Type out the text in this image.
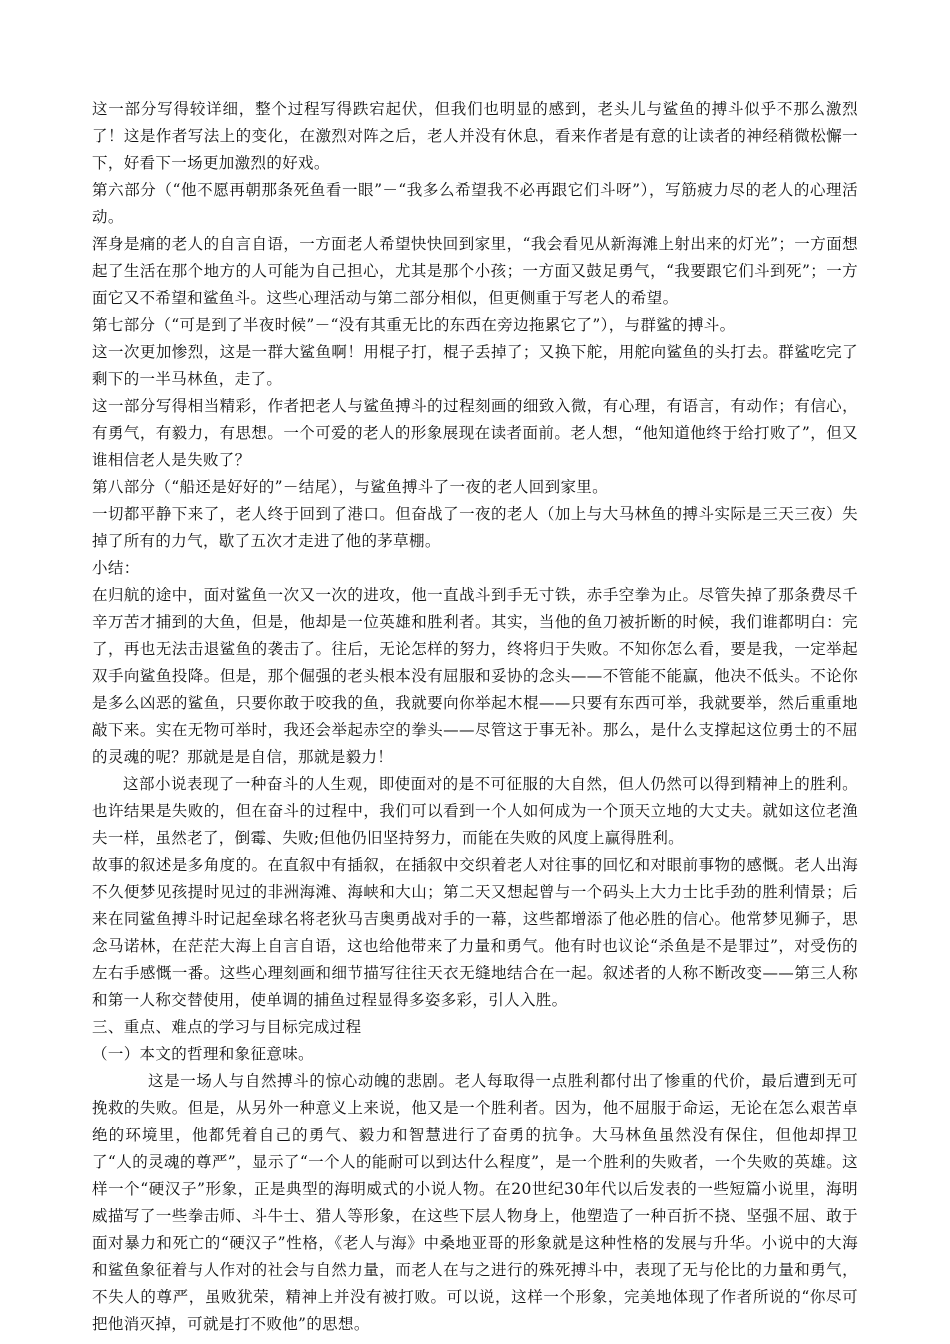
这一部分写得较详细，整个过程写得跌宕起伏，但我们也明显的感到，老头儿与鲨鱼的搏斗似乎不那么激烈了！这是作者写法上的变化，在激烈对阵之后，老人并没有休息，看来作者是有意的让读者的神经稍微松懈一下，好看下一场更加激烈的好戏。

第六部分（“他不愿再朝那条死鱼看一眼”－“我多么希望我不必再跟它们斗呀”），写筋疲力尽的老人的心理活动。

浑身是痛的老人的自言自语，一方面老人希望快快回到家里，“我会看见从新海滩上射出来的灯光”；一方面想起了生活在那个地方的人可能为自己担心，尤其是那个小孩；一方面又鼓足勇气，“我要跟它们斗到死”；一方面它又不希望和鲨鱼斗。这些心理活动与第二部分相似，但更侧重于写老人的希望。

第七部分（“可是到了半夜时候”－“没有其重无比的东西在旁边拖累它了”），与群鲨的搏斗。

这一次更加惨烈，这是一群大鲨鱼啊！用棍子打，棍子丢掉了；又换下舵，用舵向鲨鱼的头打去。群鲨吃完了剩下的一半马林鱼，走了。

这一部分写得相当精彩，作者把老人与鲨鱼搏斗的过程刻画的细致入微，有心理，有语言，有动作；有信心，有勇气，有毅力，有思想。一个可爱的老人的形象展现在读者面前。老人想，“他知道他终于给打败了”，但又谁相信老人是失败了？

第八部分（“船还是好好的”－结尾），与鲨鱼搏斗了一夜的老人回到家里。

一切都平静下来了，老人终于回到了港口。但奋战了一夜的老人（加上与大马林鱼的搏斗实际是三天三夜）失掉了所有的力气，歇了五次才走进了他的茅草棚。

小结：

在归航的途中，面对鲨鱼一次又一次的进攻，他一直战斗到手无寸铁，赤手空拳为止。尽管失掉了那条费尽千辛万苦才捕到的大鱼，但是，他却是一位英雄和胜利者。其实，当他的鱼刀被折断的时候，我们谁都明白：完了，再也无法击退鲨鱼的袭击了。往后，无论怎样的努力，终将归于失败。不知你怎么看，要是我，一定举起双手向鲨鱼投降。但是，那个倔强的老头根本没有屈服和妥协的念头——不管能不能赢，他决不低头。不论你是多么凶恶的鲨鱼，只要你敢于咬我的鱼，我就要向你举起木棍——只要有东西可举，我就要举，然后重重地敲下来。实在无物可举时，我还会举起赤空的拳头——尽管这于事无补。那么，是什么支撑起这位勇士的不屈的灵魂的呢？那就是是自信，那就是毅力！

这部小说表现了一种奋斗的人生观，即使面对的是不可征服的大自然，但人仍然可以得到精神上的胜利。也许结果是失败的，但在奋斗的过程中，我们可以看到一个人如何成为一个顶天立地的大丈夫。就如这位老渔夫一样，虽然老了，倒霉、失败;但他仍旧坚持努力，而能在失败的风度上赢得胜利。

故事的叙述是多角度的。在直叙中有插叙，在插叙中交织着老人对往事的回忆和对眼前事物的感慨。老人出海不久便梦见孩提时见过的非洲海滩、海峡和大山；第二天又想起曾与一个码头上大力士比手劲的胜利情景；后来在同鲨鱼搏斗时记起垒球名将老狄马吉奥勇战对手的一幕，这些都增添了他必胜的信心。他常梦见狮子，思念马诺林，在茫茫大海上自言自语，这也给他带来了力量和勇气。他有时也议论“杀鱼是不是罪过”，对受伤的左右手感慨一番。这些心理刻画和细节描写往往天衣无缝地结合在一起。叙述者的人称不断改变——第三人称和第一人称交替使用，使单调的捕鱼过程显得多姿多彩，引人入胜。

三、重点、难点的学习与目标完成过程

（一）本文的哲理和象征意味。

这是一场人与自然搏斗的惊心动魄的悲剧。老人每取得一点胜利都付出了惨重的代价，最后遭到无可挽救的失败。但是，从另外一种意义上来说，他又是一个胜利者。因为，他不屈服于命运，无论在怎么艰苦卓绝的环境里，他都凭着自己的勇气、毅力和智慧进行了奋勇的抗争。大马林鱼虽然没有保住，但他却捍卫了“人的灵魂的尊严”，显示了“一个人的能耐可以到达什么程度”，是一个胜利的失败者，一个失败的英雄。这样一个“硬汉子”形象，正是典型的海明威式的小说人物。在20世纪30年代以后发表的一些短篇小说里，海明威描写了一些拳击师、斗牛士、猎人等形象，在这些下层人物身上，他塑造了一种百折不挠、坚强不屈、敢于面对暴力和死亡的“硬汉子”性格，《老人与海》中桑地亚哥的形象就是这种性格的发展与升华。小说中的大海和鲨鱼象征着与人作对的社会与自然力量，而老人在与之进行的殊死搏斗中，表现了无与伦比的力量和勇气，不失人的尊严，虽败犹荣，精神上并没有被打败。可以说，这样一个形象，完美地体现了作者所说的“你尽可把他消灭掉，可就是打不败他”的思想。
